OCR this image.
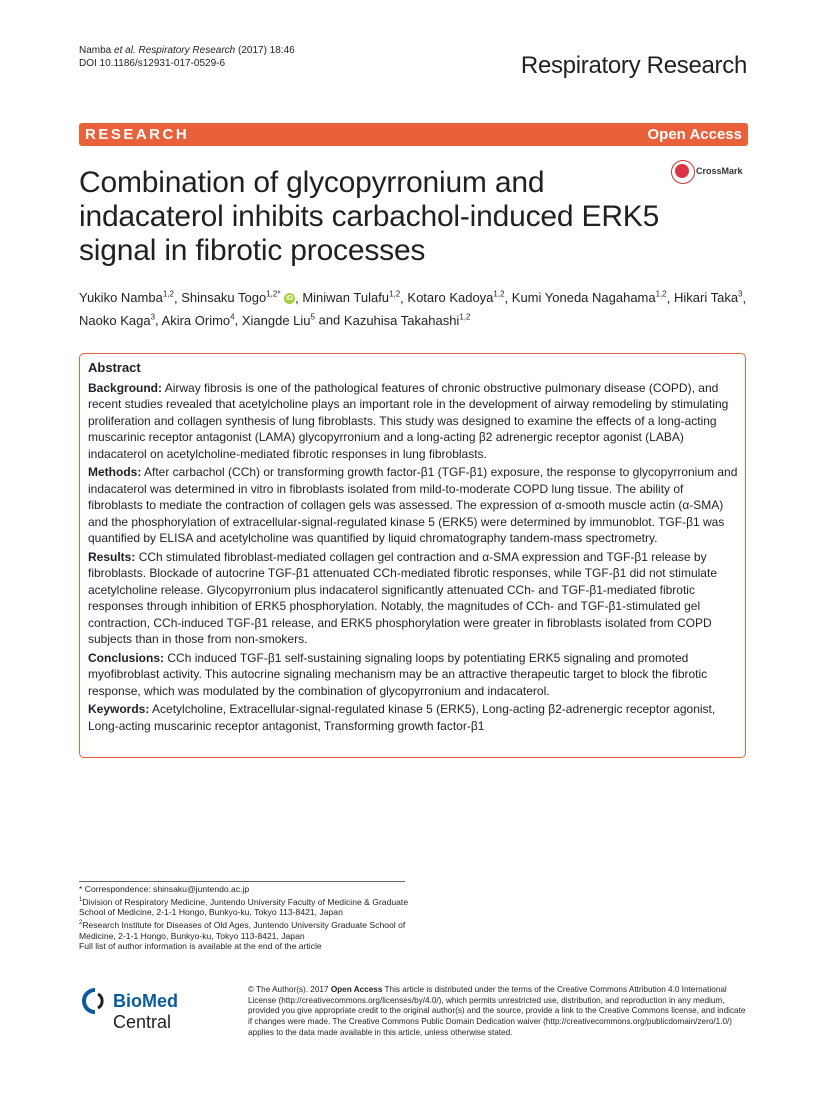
Namba et al. Respiratory Research (2017) 18:46
DOI 10.1186/s12931-017-0529-6	Respiratory Research
RESEARCH	Open Access
Combination of glycopyrronium and
indacaterol inhibits carbachol-induced ERK5
signal in fibrotic processes
CrossMark
Yukiko Namba$^{1,2}$, Shinsaku Togo$^{1,2*}$ iD , Miniwan Tulafu$^{1,2}$, Kotaro Kadoya$^{1,2}$, Kumi Yoneda Nagahama$^{1,2}$, Hikari Taka$^3$, Naoko Kaga$^3$, Akira Orimo$^4$, Xiangde Liu$^5$ and Kazuhisa Takahashi$^{1,2}$
Abstract

Background: Airway fibrosis is one of the pathological features of chronic obstructive pulmonary disease (COPD), and recent studies revealed that acetylcholine plays an important role in the development of airway remodeling by stimulating proliferation and collagen synthesis of lung fibroblasts. This study was designed to examine the effects of a long-acting muscarinic receptor antagonist (LAMA) glycopyrronium and a long-acting β2 adrenergic receptor agonist (LABA) indacaterol on acetylcholine-mediated fibrotic responses in lung fibroblasts.

Methods: After carbachol (CCh) or transforming growth factor-β1 (TGF-β1) exposure, the response to glycopyrronium and indacaterol was determined in vitro in fibroblasts isolated from mild-to-moderate COPD lung tissue. The ability of fibroblasts to mediate the contraction of collagen gels was assessed. The expression of α-smooth muscle actin (α-SMA) and the phosphorylation of extracellular-signal-regulated kinase 5 (ERK5) were determined by immunoblot. TGF-β1 was quantified by ELISA and acetylcholine was quantified by liquid chromatography tandem-mass spectrometry.

Results: CCh stimulated fibroblast-mediated collagen gel contraction and α-SMA expression and TGF-β1 release by fibroblasts. Blockade of autocrine TGF-β1 attenuated CCh-mediated fibrotic responses, while TGF-β1 did not stimulate acetylcholine release. Glycopyrronium plus indacaterol significantly attenuated CCh- and TGF-β1-mediated fibrotic responses through inhibition of ERK5 phosphorylation. Notably, the magnitudes of CCh- and TGF-β1-stimulated gel contraction, CCh-induced TGF-β1 release, and ERK5 phosphorylation were greater in fibroblasts isolated from COPD subjects than in those from non-smokers.

Conclusions: CCh induced TGF-β1 self-sustaining signaling loops by potentiating ERK5 signaling and promoted myofibroblast activity. This autocrine signaling mechanism may be an attractive therapeutic target to block the fibrotic response, which was modulated by the combination of glycopyrronium and indacaterol.

Keywords: Acetylcholine, Extracellular-signal-regulated kinase 5 (ERK5), Long-acting β2-adrenergic receptor agonist, Long-acting muscarinic receptor antagonist, Transforming growth factor-β1

* Correspondence: shinsaku@juntendo.ac.jp
$^1$Division of Respiratory Medicine, Juntendo University Faculty of Medicine & Graduate School of Medicine, 2-1-1 Hongo, Bunkyo-ku, Tokyo 113-8421, Japan
$^2$Research Institute for Diseases of Old Ages, Juntendo University Graduate School of Medicine, 2-1-1 Hongo, Bunkyo-ku, Tokyo 113-8421, Japan
Full list of author information is available at the end of the article
BioMed Central
© The Author(s). 2017 Open Access This article is distributed under the terms of the Creative Commons Attribution 4.0 International License (http://creativecommons.org/licenses/by/4.0/), which permits unrestricted use, distribution, and reproduction in any medium, provided you give appropriate credit to the original author(s) and the source, provide a link to the Creative Commons license, and indicate if changes were made. The Creative Commons Public Domain Dedication waiver (http://creativecommons.org/publicdomain/zero/1.0/) applies to the data made available in this article, unless otherwise stated.
